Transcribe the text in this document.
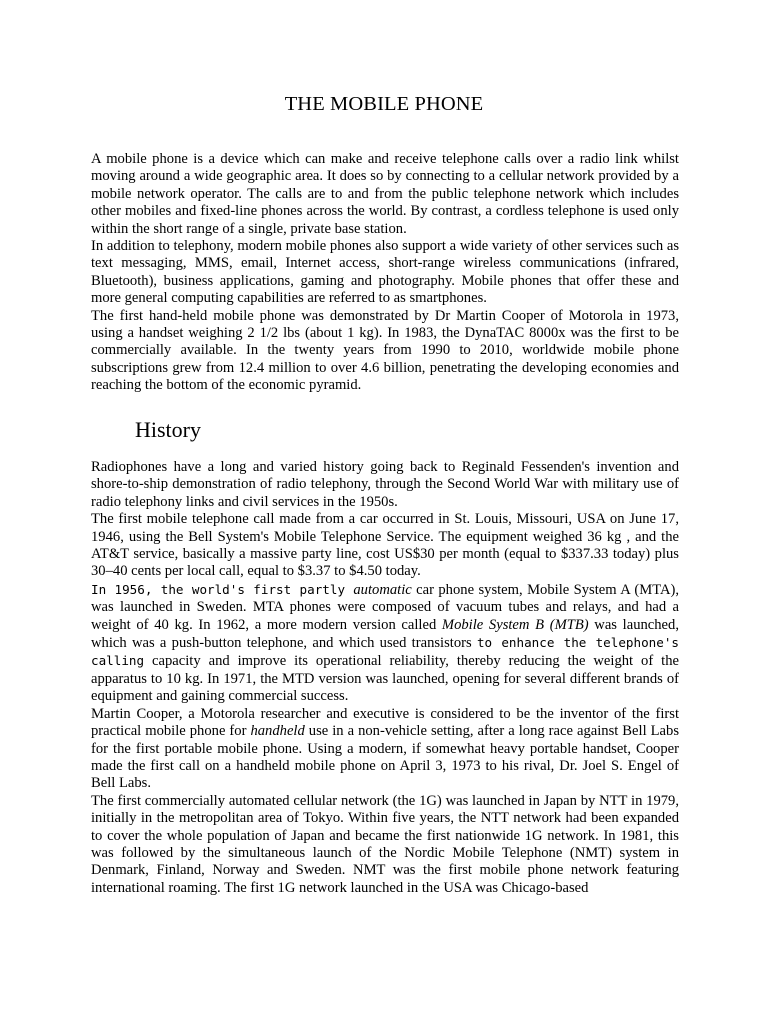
THE MOBILE PHONE

A mobile phone is a device which can make and receive telephone calls over a radio link whilst moving around a wide geographic area. It does so by connecting to a cellular network provided by a mobile network operator. The calls are to and from the public telephone network which includes other mobiles and fixed-line phones across the world. By contrast, a cordless telephone is used only within the short range of a single, private base station.

In addition to telephony, modern mobile phones also support a wide variety of other services such as text messaging, MMS, email, Internet access, short-range wireless communications (infrared, Bluetooth), business applications, gaming and photography. Mobile phones that offer these and more general computing capabilities are referred to as smartphones.

The first hand-held mobile phone was demonstrated by Dr Martin Cooper of Motorola in 1973, using a handset weighing 2 1/2 lbs (about 1 kg). In 1983, the DynaTAC 8000x was the first to be commercially available. In the twenty years from 1990 to 2010, worldwide mobile phone subscriptions grew from 12.4 million to over 4.6 billion, penetrating the developing economies and reaching the bottom of the economic pyramid.

History

Radiophones have a long and varied history going back to Reginald Fessenden's invention and shore-to-ship demonstration of radio telephony, through the Second World War with military use of radio telephony links and civil services in the 1950s.

The first mobile telephone call made from a car occurred in St. Louis, Missouri, USA on June 17, 1946, using the Bell System's Mobile Telephone Service. The equipment weighed 36 kg , and the AT&T service, basically a massive party line, cost US$30 per month (equal to $337.33 today) plus 30–40 cents per local call, equal to $3.37 to $4.50 today.

In 1956, the world's first partly automatic car phone system, Mobile System A (MTA), was launched in Sweden. MTA phones were composed of vacuum tubes and relays, and had a weight of 40 kg. In 1962, a more modern version called Mobile System B (MTB) was launched, which was a push-button telephone, and which used transistors to enhance the telephone's calling capacity and improve its operational reliability, thereby reducing the weight of the apparatus to 10 kg. In 1971, the MTD version was launched, opening for several different brands of equipment and gaining commercial success.

Martin Cooper, a Motorola researcher and executive is considered to be the inventor of the first practical mobile phone for handheld use in a non-vehicle setting, after a long race against Bell Labs for the first portable mobile phone. Using a modern, if somewhat heavy portable handset, Cooper made the first call on a handheld mobile phone on April 3, 1973 to his rival, Dr. Joel S. Engel of Bell Labs.

The first commercially automated cellular network (the 1G) was launched in Japan by NTT in 1979, initially in the metropolitan area of Tokyo. Within five years, the NTT network had been expanded to cover the whole population of Japan and became the first nationwide 1G network. In 1981, this was followed by the simultaneous launch of the Nordic Mobile Telephone (NMT) system in Denmark, Finland, Norway and Sweden. NMT was the first mobile phone network featuring international roaming. The first 1G network launched in the USA was Chicago-based
